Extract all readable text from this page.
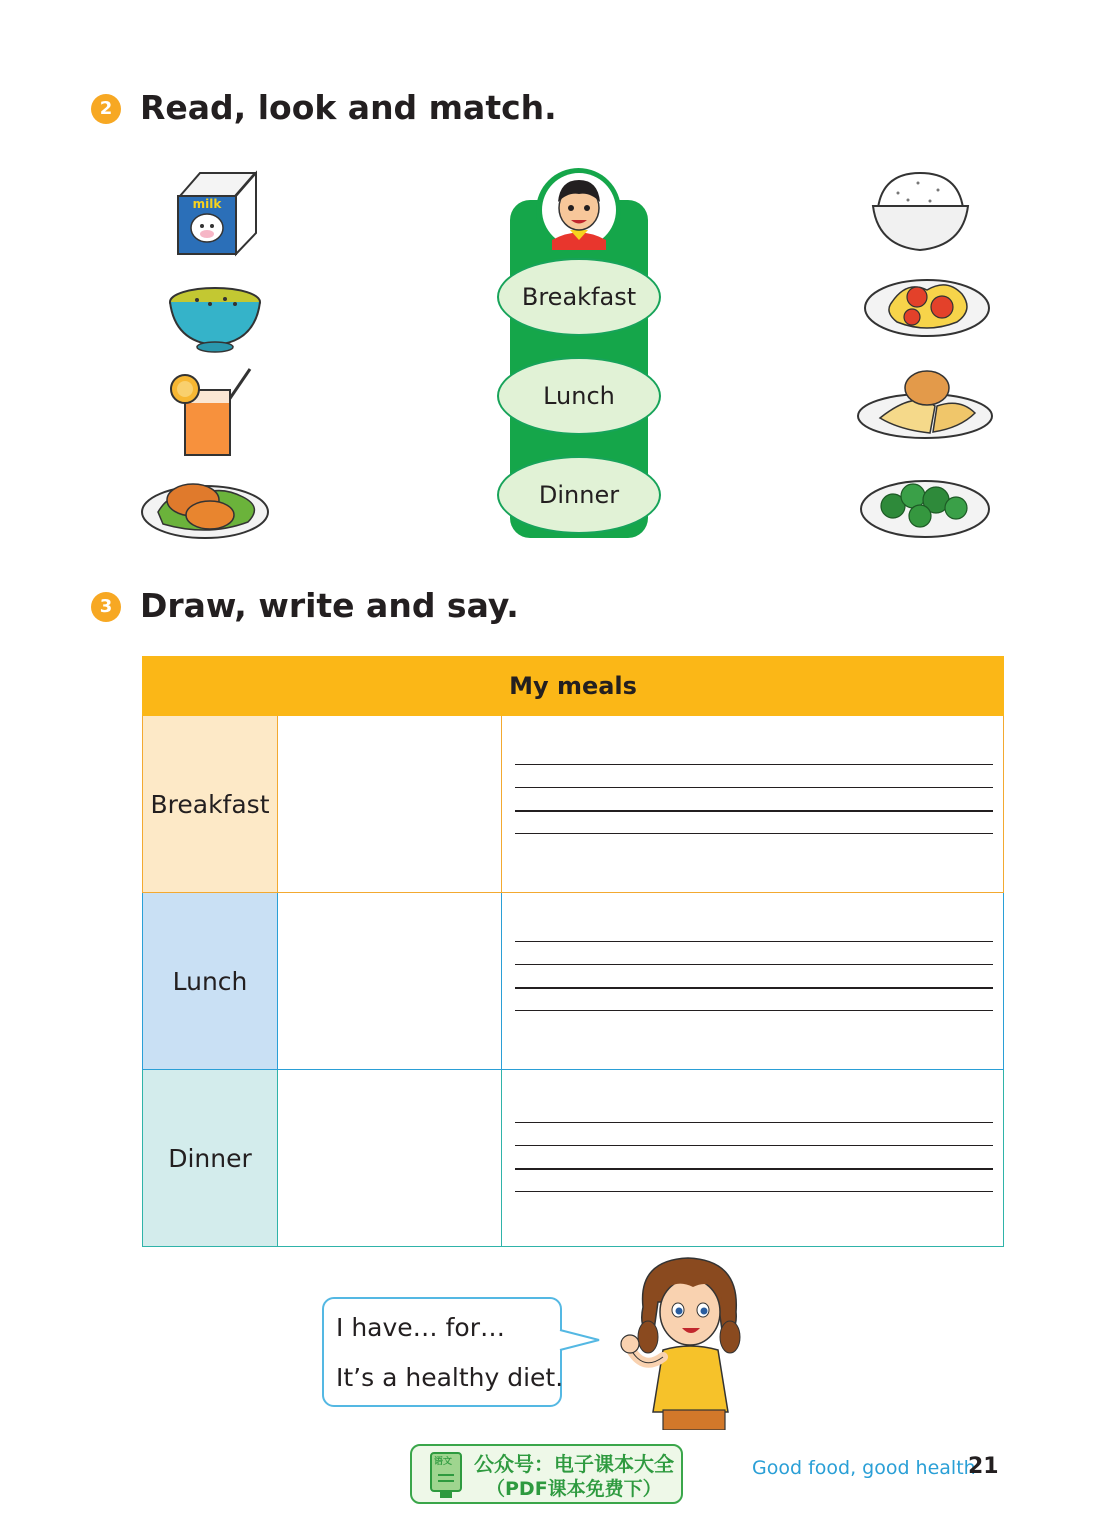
2 Read, look and match.
milk
Breakfast
Lunch
Dinner
3 Draw, write and say.
My meals		
Breakfast		

Lunch		

Dinner		
I have… for…
It’s a healthy diet.
语文 公众号：电子课本大全
（PDF课本免费下）
Good food, good health
21
